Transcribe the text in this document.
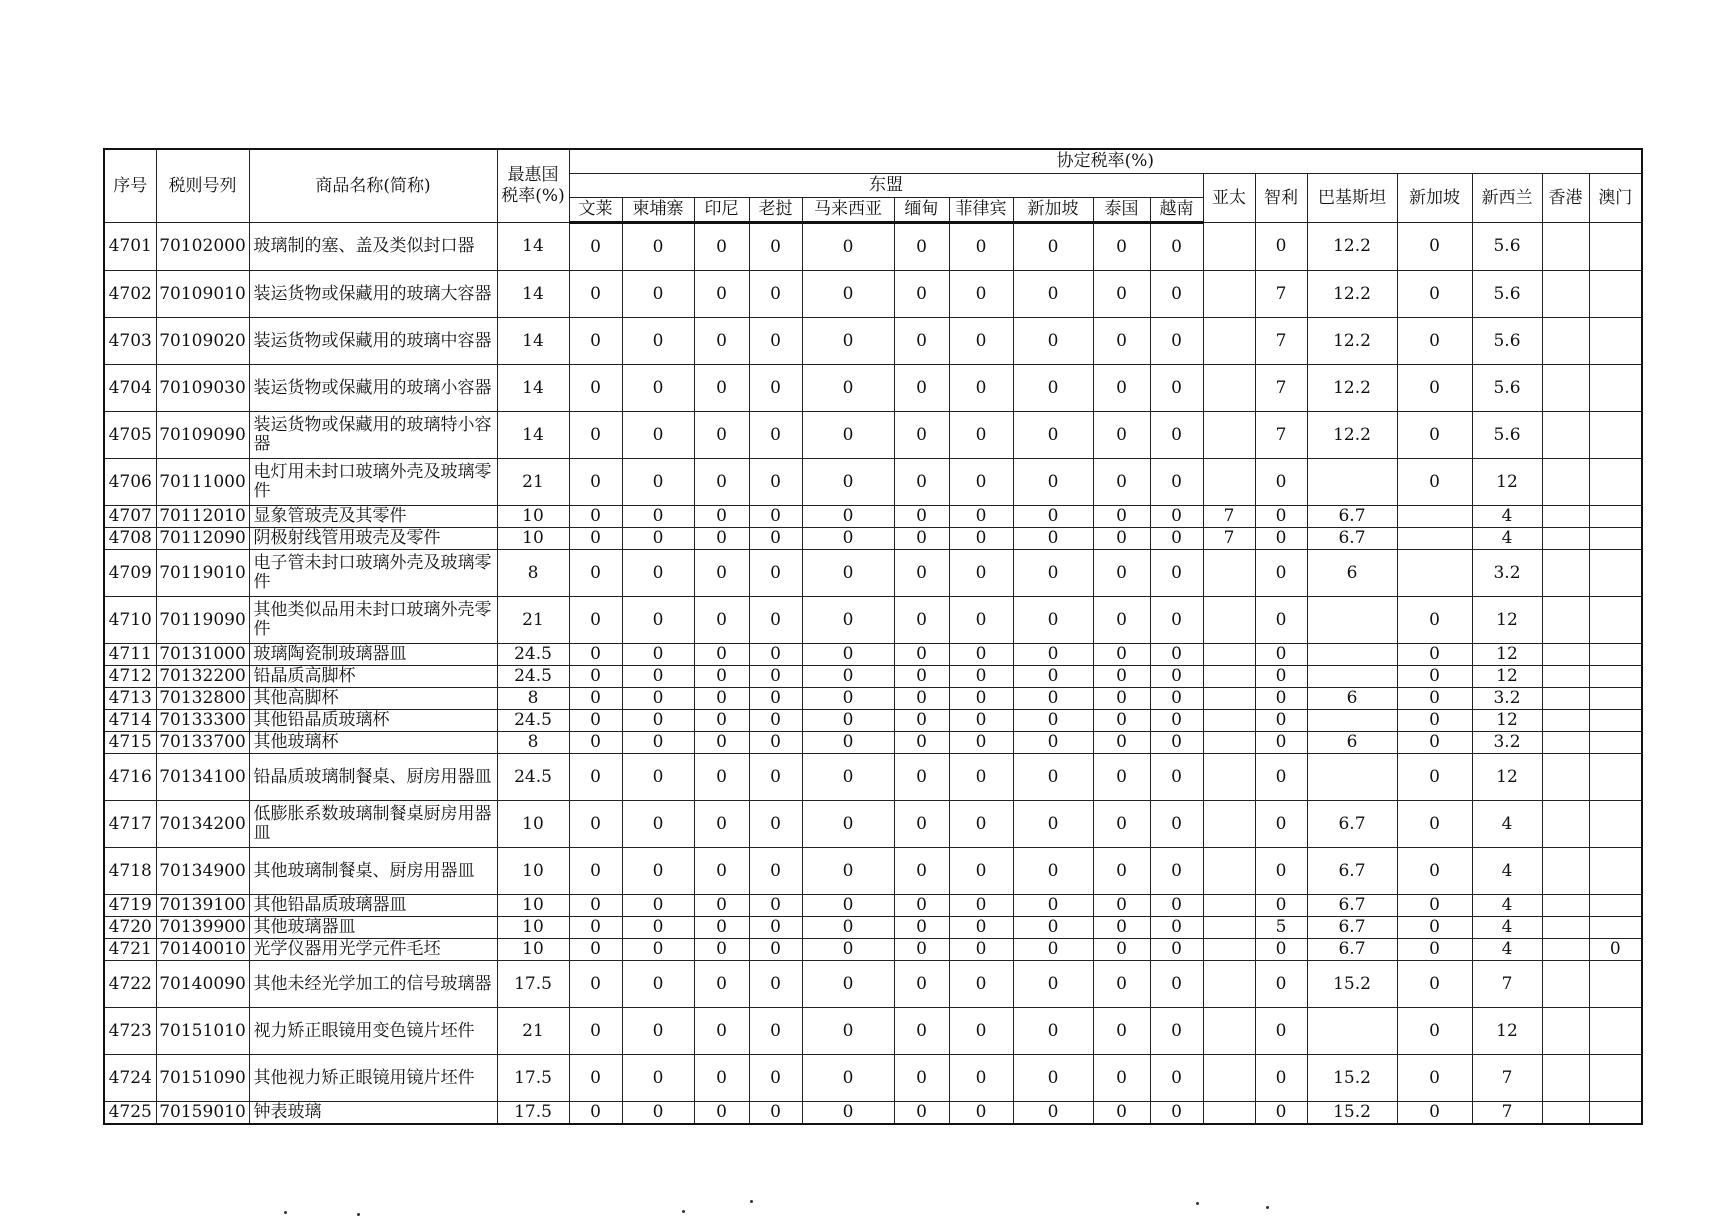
序号	税则号列	商品名称(简称)	最惠国税率(%)	协定税率(%)																
				东盟										亚太	智利	巴基斯坦	新加坡	新西兰	香港	澳门
				文莱	柬埔寨	印尼	老挝	马来西亚	缅甸	菲律宾	新加坡	泰国	越南							
4701	70102000	玻璃制的塞、盖及类似封口器	14	0	0	0	0	0	0	0	0	0	0		0	12.2	0	5.6		
4702	70109010	装运货物或保藏用的玻璃大容器	14	0	0	0	0	0	0	0	0	0	0		7	12.2	0	5.6		
4703	70109020	装运货物或保藏用的玻璃中容器	14	0	0	0	0	0	0	0	0	0	0		7	12.2	0	5.6		
4704	70109030	装运货物或保藏用的玻璃小容器	14	0	0	0	0	0	0	0	0	0	0		7	12.2	0	5.6		
4705	70109090	装运货物或保藏用的玻璃特小容器	14	0	0	0	0	0	0	0	0	0	0		7	12.2	0	5.6		
4706	70111000	电灯用未封口玻璃外壳及玻璃零件	21	0	0	0	0	0	0	0	0	0	0		0		0	12		
4707	70112010	显象管玻壳及其零件	10	0	0	0	0	0	0	0	0	0	0	7	0	6.7		4		
4708	70112090	阴极射线管用玻壳及零件	10	0	0	0	0	0	0	0	0	0	0	7	0	6.7		4		
4709	70119010	电子管未封口玻璃外壳及玻璃零件	8	0	0	0	0	0	0	0	0	0	0		0	6		3.2		
4710	70119090	其他类似品用未封口玻璃外壳零件	21	0	0	0	0	0	0	0	0	0	0		0		0	12		
4711	70131000	玻璃陶瓷制玻璃器皿	24.5	0	0	0	0	0	0	0	0	0	0		0		0	12		
4712	70132200	铅晶质高脚杯	24.5	0	0	0	0	0	0	0	0	0	0		0		0	12		
4713	70132800	其他高脚杯	8	0	0	0	0	0	0	0	0	0	0		0	6	0	3.2		
4714	70133300	其他铅晶质玻璃杯	24.5	0	0	0	0	0	0	0	0	0	0		0		0	12		
4715	70133700	其他玻璃杯	8	0	0	0	0	0	0	0	0	0	0		0	6	0	3.2		
4716	70134100	铅晶质玻璃制餐桌、厨房用器皿	24.5	0	0	0	0	0	0	0	0	0	0		0		0	12		
4717	70134200	低膨胀系数玻璃制餐桌厨房用器皿	10	0	0	0	0	0	0	0	0	0	0		0	6.7	0	4		
4718	70134900	其他玻璃制餐桌、厨房用器皿	10	0	0	0	0	0	0	0	0	0	0		0	6.7	0	4		
4719	70139100	其他铅晶质玻璃器皿	10	0	0	0	0	0	0	0	0	0	0		0	6.7	0	4		
4720	70139900	其他玻璃器皿	10	0	0	0	0	0	0	0	0	0	0		5	6.7	0	4		
4721	70140010	光学仪器用光学元件毛坯	10	0	0	0	0	0	0	0	0	0	0		0	6.7	0	4		0
4722	70140090	其他未经光学加工的信号玻璃器	17.5	0	0	0	0	0	0	0	0	0	0		0	15.2	0	7		
4723	70151010	视力矫正眼镜用变色镜片坯件	21	0	0	0	0	0	0	0	0	0	0		0		0	12		
4724	70151090	其他视力矫正眼镜用镜片坯件	17.5	0	0	0	0	0	0	0	0	0	0		0	15.2	0	7		
4725	70159010	钟表玻璃	17.5	0	0	0	0	0	0	0	0	0	0		0	15.2	0	7		
